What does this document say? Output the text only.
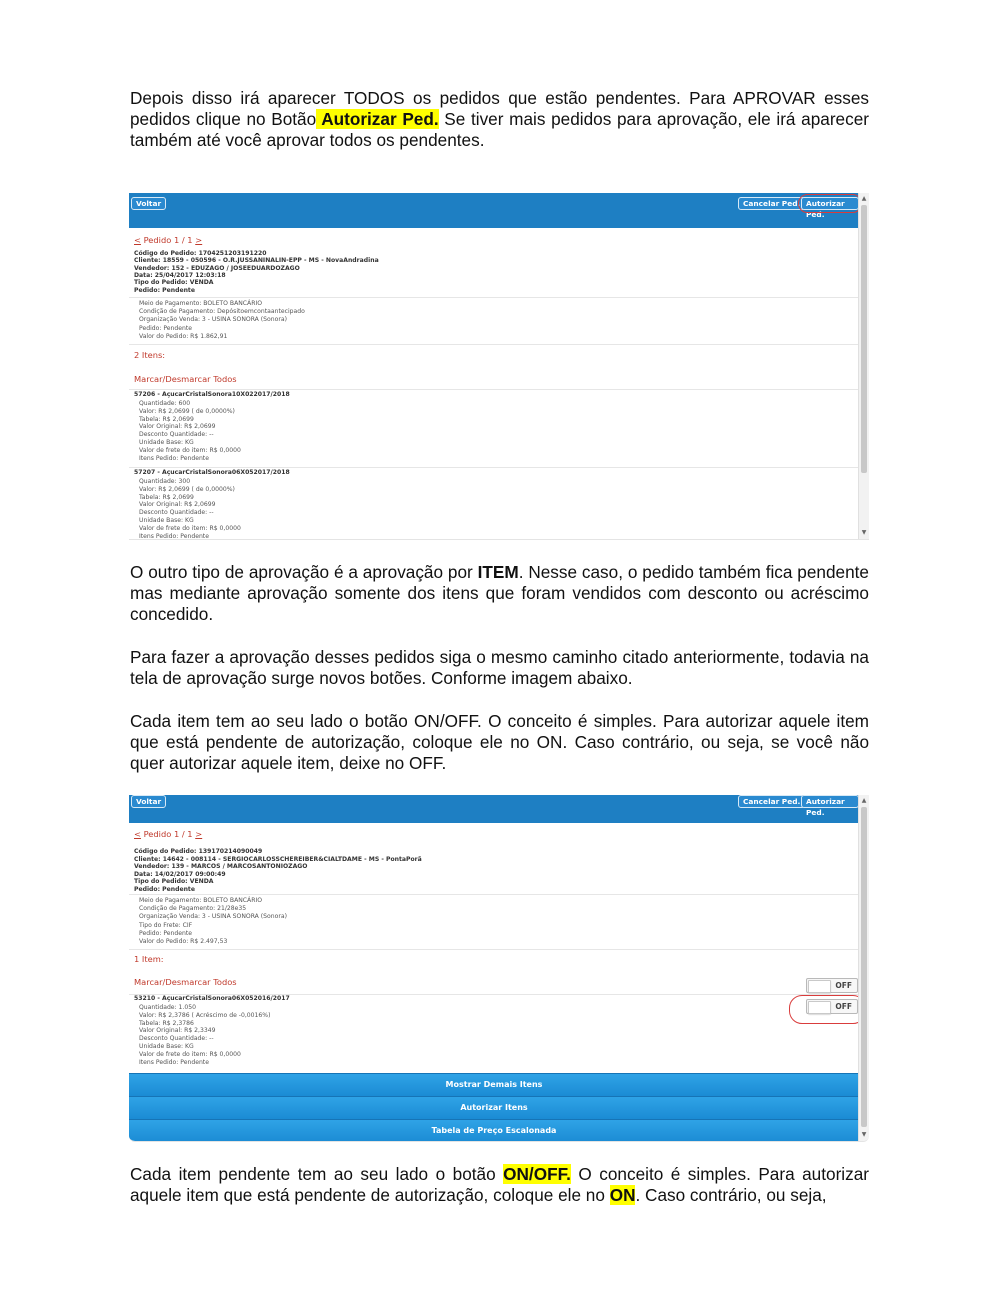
Depois disso irá aparecer TODOS os pedidos que estão pendentes. Para APROVAR esses pedidos clique no Botão Autorizar Ped. Se tiver mais pedidos para aprovação, ele irá aparecer também até você aprovar todos os pendentes.
Voltar	Cancelar Ped. Autorizar Ped.
< Pedido 1 / 1 >
Código do Pedido: 1704251203191220
Cliente: 18559 - 050596 - O.R.JUSSANINALIN-EPP - MS - NovaAndradina
Vendedor: 152 - EDUZAGO / JOSEEDUARDOZAGO
Data: 25/04/2017 12:03:18
Tipo do Pedido: VENDA
Pedido: Pendente
Meio de Pagamento: BOLETO BANCÁRIO
Condição de Pagamento: Depósitoemcontaantecipado
Organização Venda: 3 - USINA SONORA (Sonora)
Pedido: Pendente
Valor do Pedido: R$ 1.862,91
2 Itens:
Marcar/Desmarcar Todos
57206 - AçucarCristalSonora10X022017/2018
Quantidade: 600
Valor: R$ 2,0699 ( de 0,0000%)
Tabela: R$ 2,0699
Valor Original: R$ 2,0699
Desconto Quantidade: --
Unidade Base: KG
Valor de frete do item: R$ 0,0000
Itens Pedido: Pendente
57207 - AçucarCristalSonora06X052017/2018
Quantidade: 300
Valor: R$ 2,0699 ( de 0,0000%)
Tabela: R$ 2,0699
Valor Original: R$ 2,0699
Desconto Quantidade: --
Unidade Base: KG
Valor de frete do item: R$ 0,0000
Itens Pedido: Pendente
▲
▼
O outro tipo de aprovação é a aprovação por ITEM. Nesse caso, o pedido também fica pendente mas mediante aprovação somente dos itens que foram vendidos com desconto ou acréscimo concedido.
Para fazer a aprovação desses pedidos siga o mesmo caminho citado anteriormente, todavia na tela de aprovação surge novos botões. Conforme imagem abaixo.
Cada item tem ao seu lado o botão ON/OFF. O conceito é simples. Para autorizar aquele item que está pendente de autorização, coloque ele no ON. Caso contrário, ou seja, se você não quer autorizar aquele item, deixe no OFF.
Voltar	Cancelar Ped. Autorizar Ped.
< Pedido 1 / 1 >
Código do Pedido: 139170214090049
Cliente: 14642 - 008114 - SERGIOCARLOSSCHEREIBER&CIALTDAME - MS - PontaPorã
Vendedor: 139 - MARCOS / MARCOSANTONIOZAGO
Data: 14/02/2017 09:00:49
Tipo do Pedido: VENDA
Pedido: Pendente
Meio de Pagamento: BOLETO BANCÁRIO
Condição de Pagamento: 21/28e35
Organização Venda: 3 - USINA SONORA (Sonora)
Tipo do Frete: CIF
Pedido: Pendente
Valor do Pedido: R$ 2.497,53
1 Item:
Marcar/Desmarcar Todos	OFF
53210 - AçucarCristalSonora06X052016/2017
OFF
Quantidade: 1.050
Valor: R$ 2,3786 ( Acréscimo de -0,0016%)
Tabela: R$ 2,3786
Valor Original: R$ 2,3349
Desconto Quantidade: --
Unidade Base: KG
Valor de frete do item: R$ 0,0000
Itens Pedido: Pendente
Mostrar Demais Itens
Autorizar Itens
Tabela de Preço Escalonada
▲
▼
Cada item pendente tem ao seu lado o botão ON/OFF. O conceito é simples. Para autorizar aquele item que está pendente de autorização, coloque ele no ON. Caso contrário, ou seja,
